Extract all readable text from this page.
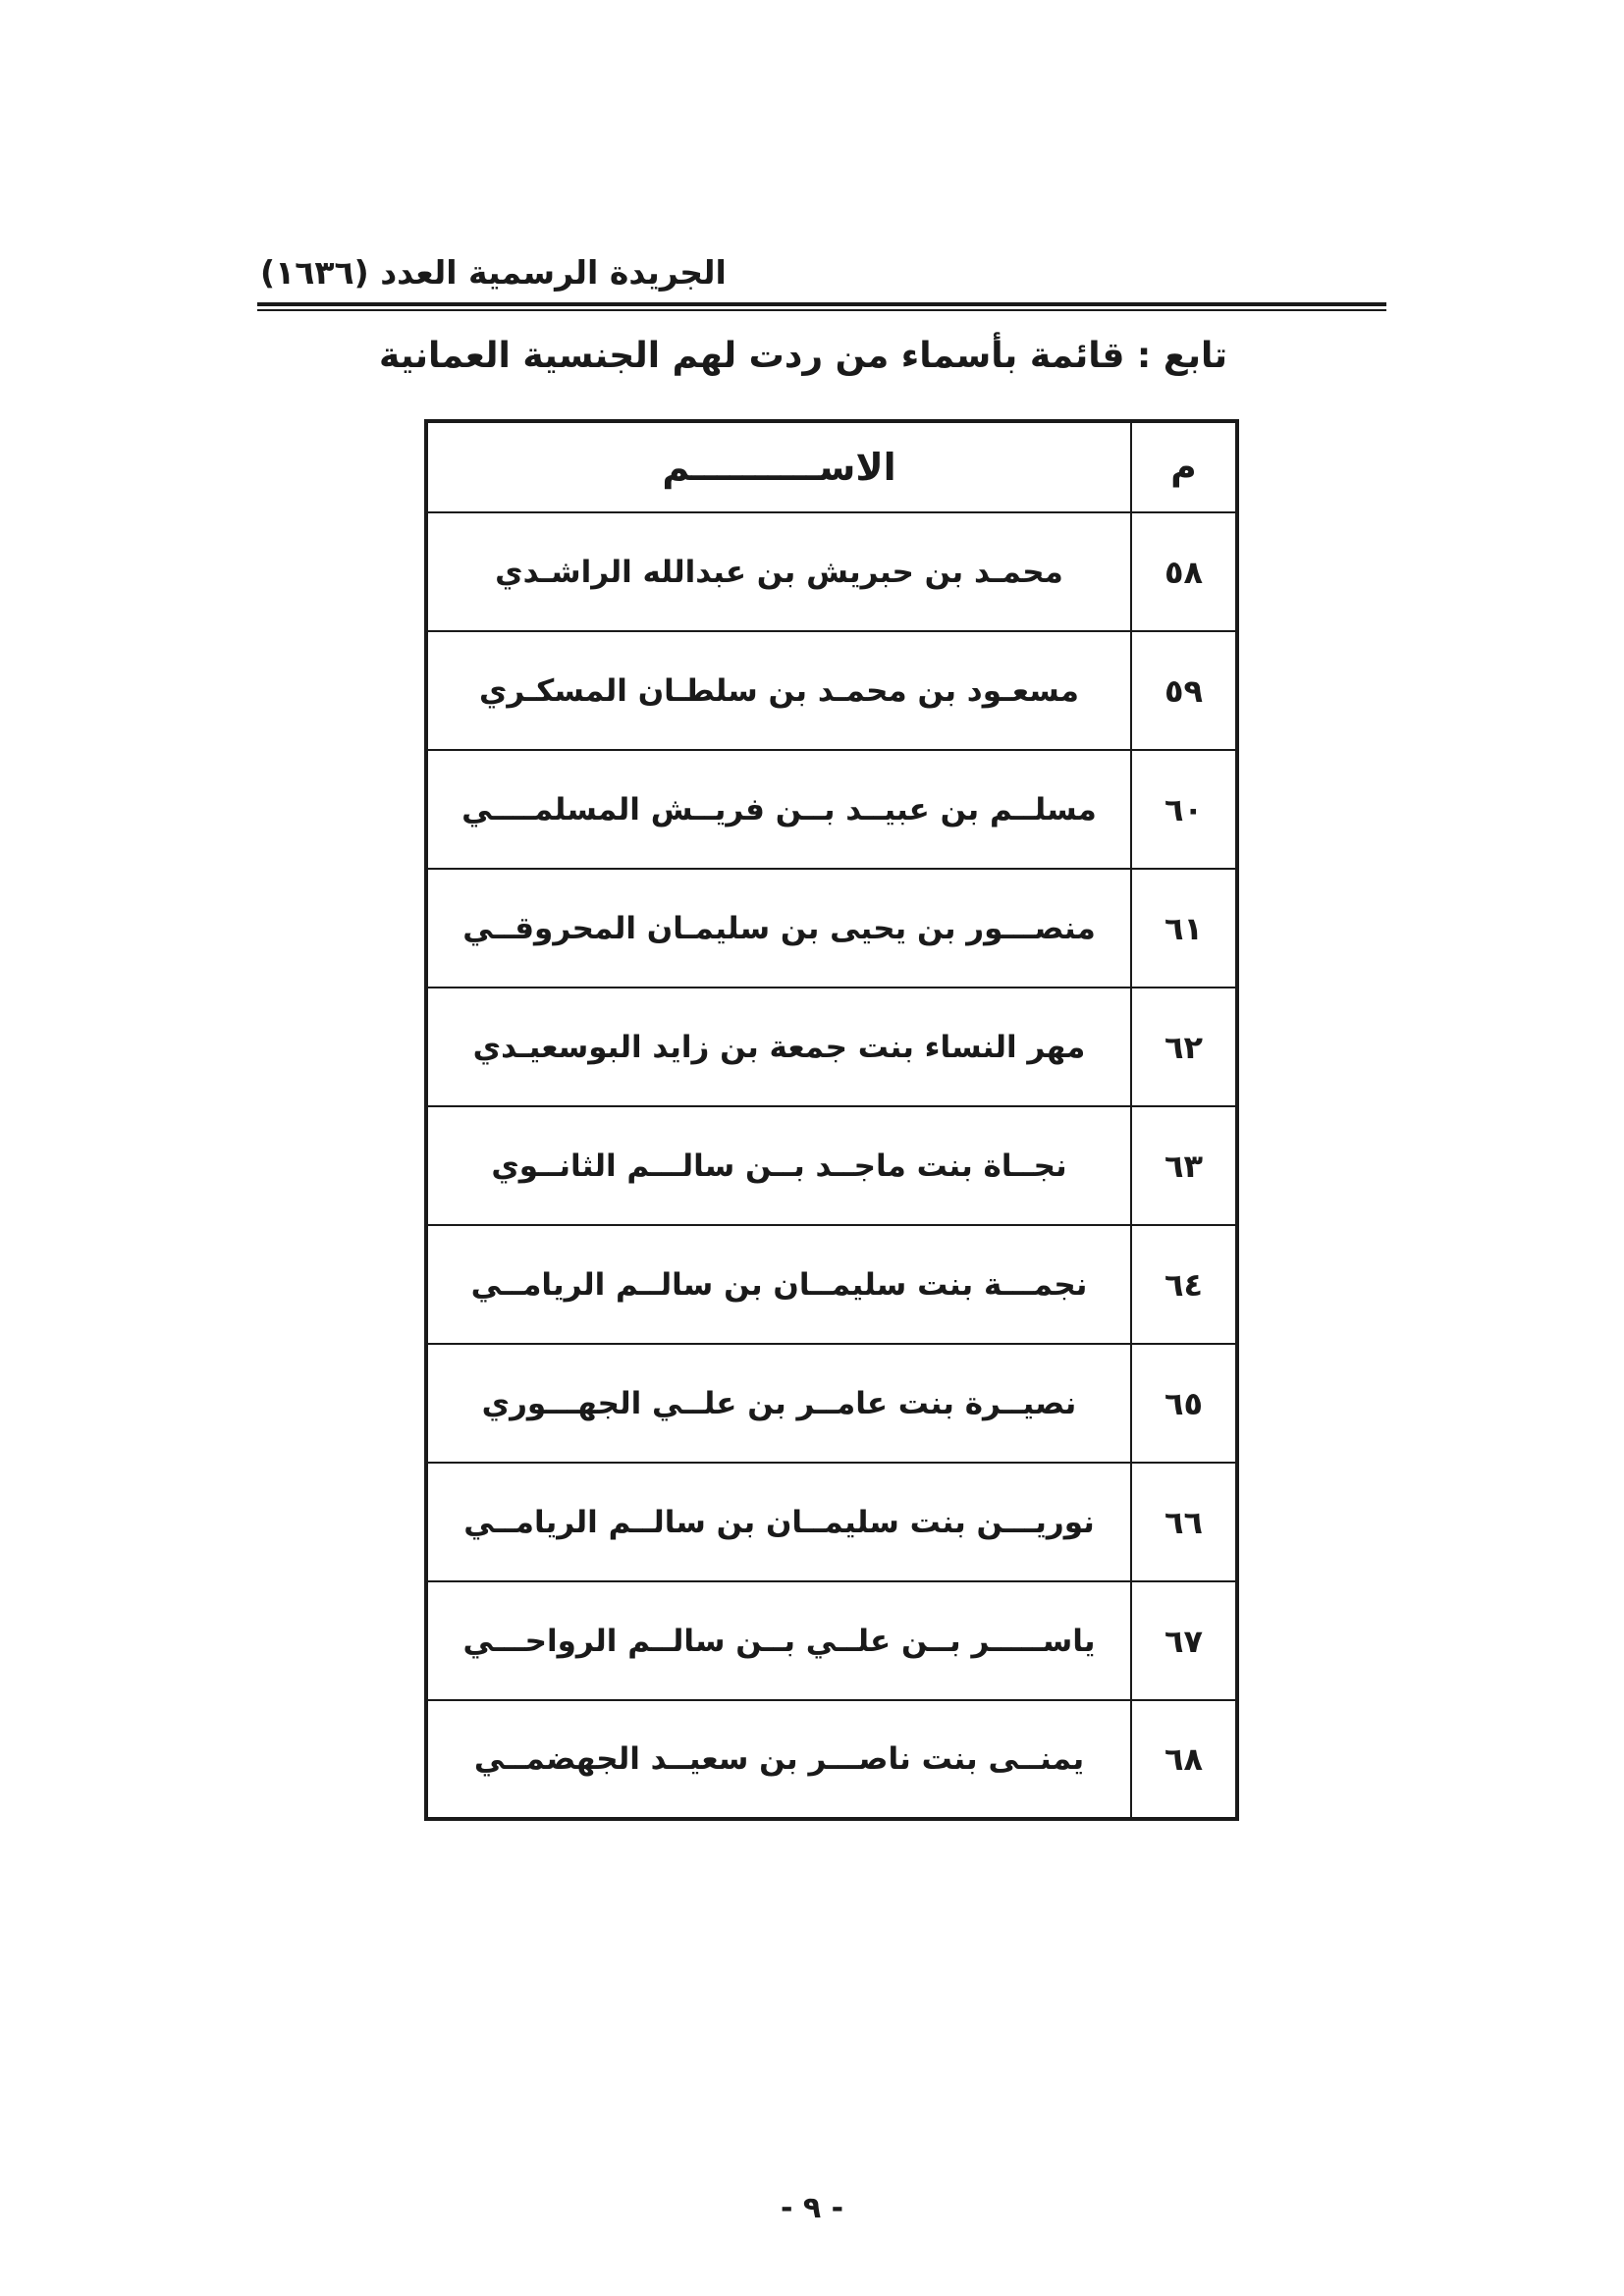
الجريدة الرسمية العدد (١٦٣٦)
تابع : قائمة بأسماء من ردت لهم الجنسية العمانية
م	الاســــــــــم
٥٨	محمـد بن حبريش بن عبدالله الراشـدي
٥٩	مسعـود بن محمـد بن سلطـان المسكـري
٦٠	مسلــم بن عبيــد بــن فريــش المسلمــــي
٦١	منصـــور بن يحيى بن سليمـان المحروقــي
٦٢	مهر النساء بنت جمعة بن زايد البوسعيـدي
٦٣	نجــاة بنت ماجــد بــن سالـــم الثانــوي
٦٤	نجمـــة بنت سليمــان بن سالــم الريامــي
٦٥	نصيــرة بنت عامــر بن علــي الجهـــوري
٦٦	نوريـــن بنت سليمــان بن سالــم الريامــي
٦٧	ياســـــر بــن علــي بــن سالــم الرواحـــي
٦٨	يمنــى بنت ناصـــر بن سعيــد الجهضمــي
- ٩ -
